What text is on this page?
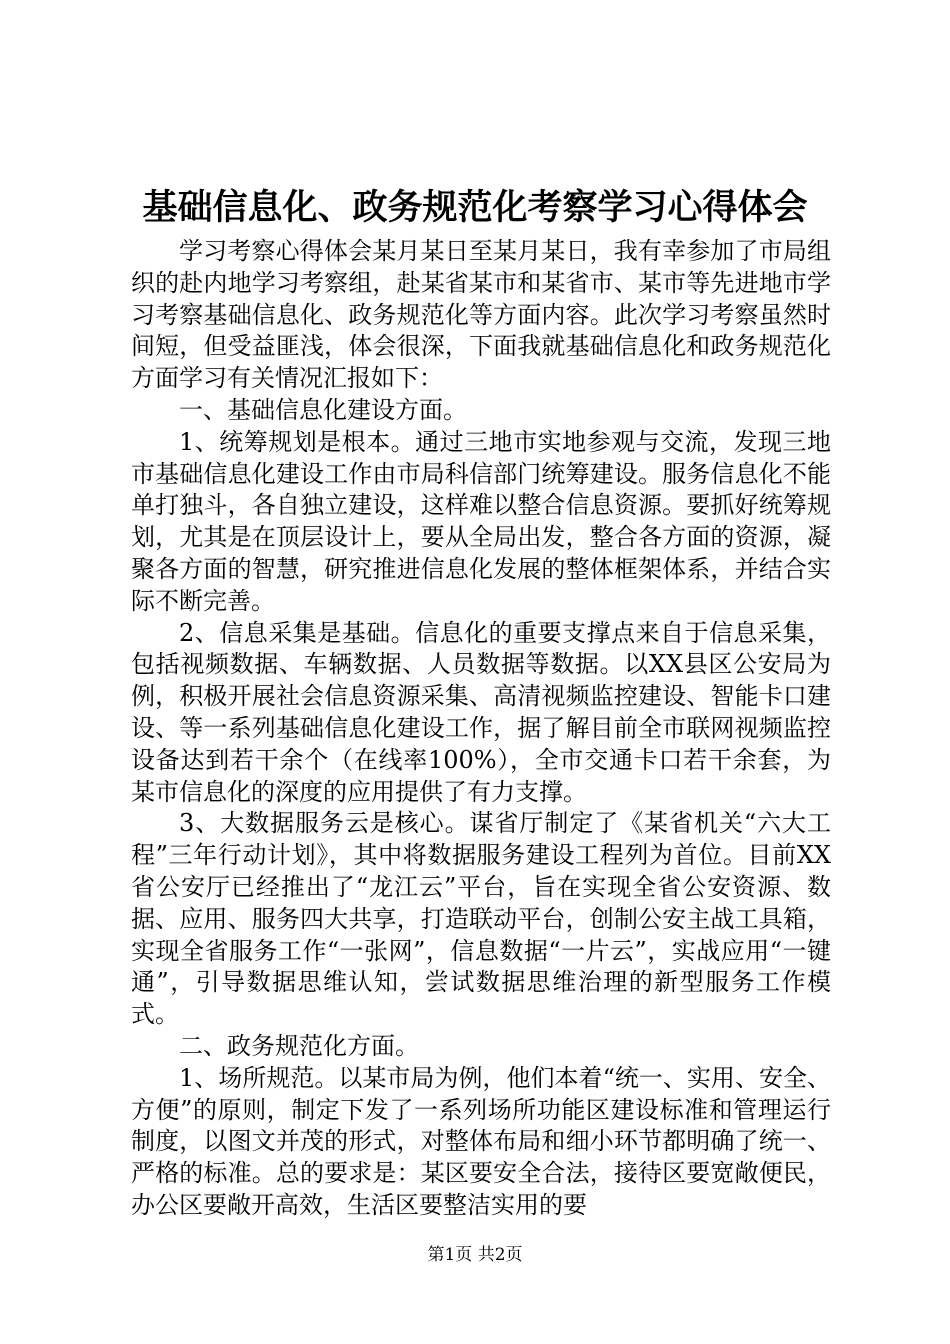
基础信息化、政务规范化考察学习心得体会

学习考察心得体会某月某日至某月某日，我有幸参加了市局组织的赴内地学习考察组，赴某省某市和某省市、某市等先进地市学习考察基础信息化、政务规范化等方面内容。此次学习考察虽然时间短，但受益匪浅，体会很深，下面我就基础信息化和政务规范化方面学习有关情况汇报如下：

一、基础信息化建设方面。

1、统筹规划是根本。通过三地市实地参观与交流，发现三地市基础信息化建设工作由市局科信部门统筹建设。服务信息化不能单打独斗，各自独立建设，这样难以整合信息资源。要抓好统筹规划，尤其是在顶层设计上，要从全局出发，整合各方面的资源，凝聚各方面的智慧，研究推进信息化发展的整体框架体系，并结合实际不断完善。

2、信息采集是基础。信息化的重要支撑点来自于信息采集，包括视频数据、车辆数据、人员数据等数据。以XX县区公安局为例，积极开展社会信息资源采集、高清视频监控建设、智能卡口建设、等一系列基础信息化建设工作，据了解目前全市联网视频监控设备达到若干余个（在线率100%），全市交通卡口若干余套，为某市信息化的深度的应用提供了有力支撑。

3、大数据服务云是核心。谋省厅制定了《某省机关“六大工程”三年行动计划》，其中将数据服务建设工程列为首位。目前XX省公安厅已经推出了“龙江云”平台，旨在实现全省公安资源、数据、应用、服务四大共享，打造联动平台，创制公安主战工具箱，实现全省服务工作“一张网”，信息数据“一片云”，实战应用“一键通”，引导数据思维认知，尝试数据思维治理的新型服务工作模式。

二、政务规范化方面。

1、场所规范。以某市局为例，他们本着“统一、实用、安全、方便”的原则，制定下发了一系列场所功能区建设标准和管理运行制度，以图文并茂的形式，对整体布局和细小环节都明确了统一、严格的标准。总的要求是：某区要安全合法，接待区要宽敞便民，办公区要敞开高效，生活区要整洁实用的要

第1页 共2页
